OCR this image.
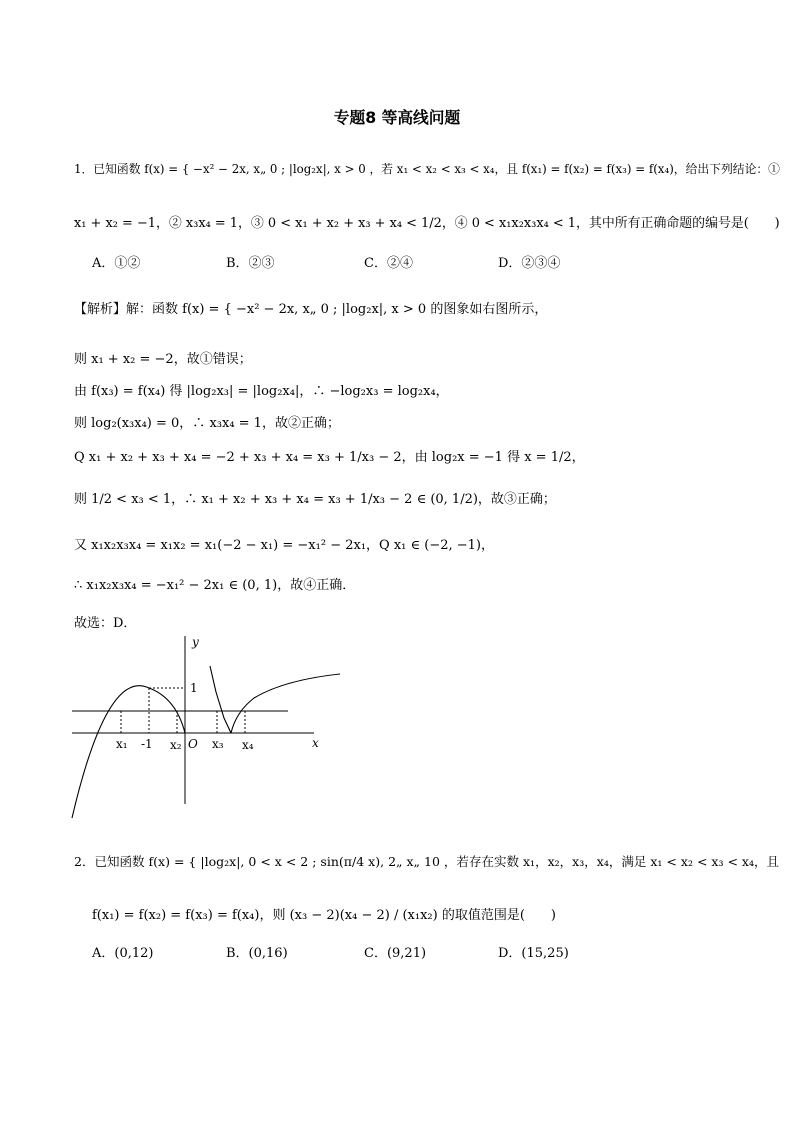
专题8 等高线问题
1．已知函数 f(x) = { −x² − 2x, x„ 0 ; |log₂x|, x > 0 ，若 x₁ < x₂ < x₃ < x₄，且 f(x₁) = f(x₂) = f(x₃) = f(x₄)，给出下列结论：①
x₁ + x₂ = −1，② x₃x₄ = 1，③ 0 < x₁ + x₂ + x₃ + x₄ < 1/2，④ 0 < x₁x₂x₃x₄ < 1，其中所有正确命题的编号是(　　)
A．①②	B．②③	C．②④	D．②③④
【解析】解：函数 f(x) = { −x² − 2x, x„ 0 ; |log₂x|, x > 0 的图象如右图所示，
则 x₁ + x₂ = −2，故①错误；
由 f(x₃) = f(x₄) 得 |log₂x₃| = |log₂x₄|，∴ −log₂x₃ = log₂x₄，
则 log₂(x₃x₄) = 0，∴ x₃x₄ = 1，故②正确；
Q x₁ + x₂ + x₃ + x₄ = −2 + x₃ + x₄ = x₃ + 1/x₃ − 2，由 log₂x = −1 得 x = 1/2，
则 1/2 < x₃ < 1，∴ x₁ + x₂ + x₃ + x₄ = x₃ + 1/x₃ − 2 ∈ (0, 1/2)，故③正确；
又 x₁x₂x₃x₄ = x₁x₂ = x₁(−2 − x₁) = −x₁² − 2x₁，Q x₁ ∈ (−2, −1)，
∴ x₁x₂x₃x₄ = −x₁² − 2x₁ ∈ (0, 1)，故④正确．
故选：D．
y
x
1
x₁ -1 x₂ O x₃ x₄
2．已知函数 f(x) = { |log₂x|, 0 < x < 2 ; sin(π/4 x), 2„ x„ 10 ，若存在实数 x₁，x₂，x₃，x₄，满足 x₁ < x₂ < x₃ < x₄，且
f(x₁) = f(x₂) = f(x₃) = f(x₄)，则 (x₃ − 2)(x₄ − 2) / (x₁x₂) 的取值范围是(　　)
A．(0,12)	B．(0,16)	C．(9,21)	D．(15,25)
